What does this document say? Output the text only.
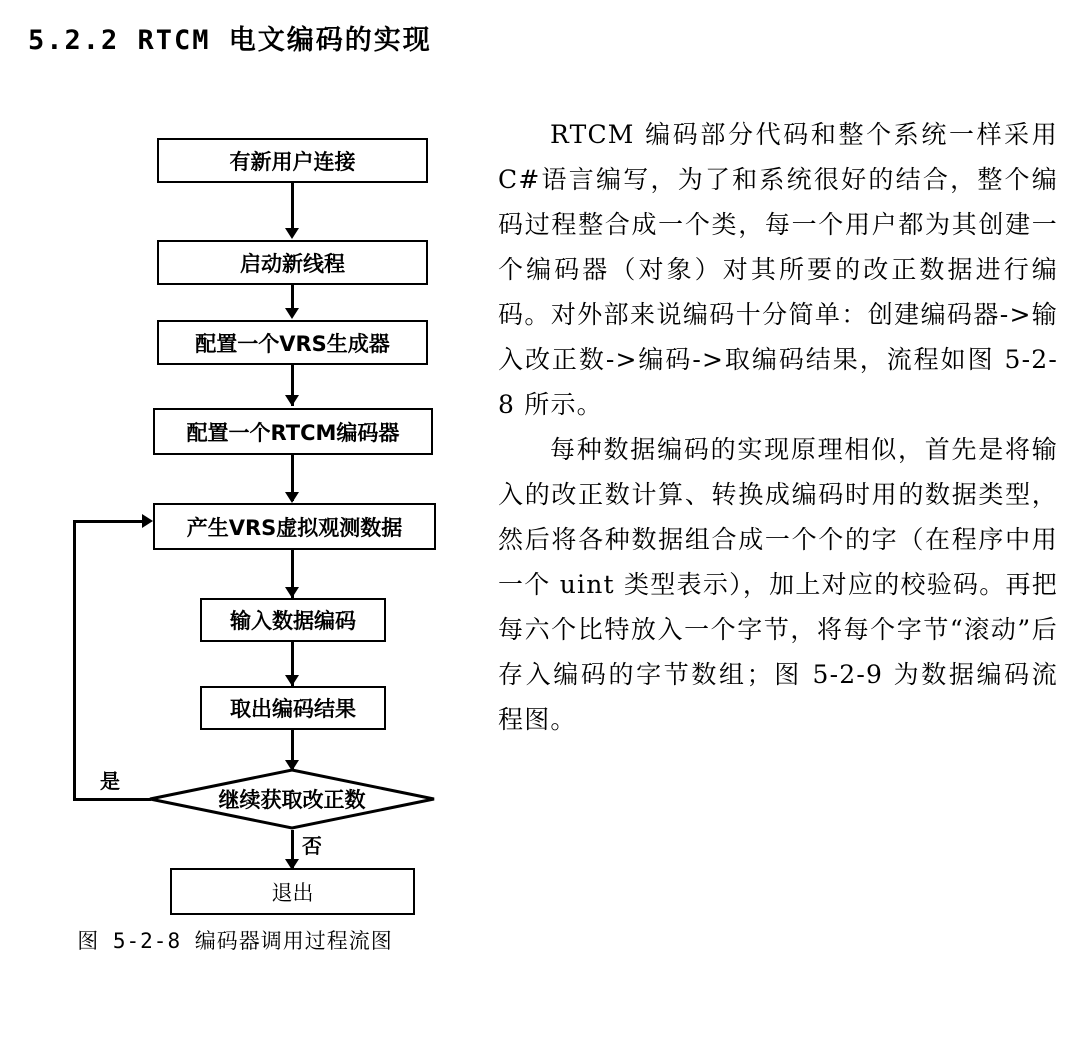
5.2.2 RTCM 电文编码的实现
有新用户连接
启动新线程
配置一个VRS生成器
配置一个RTCM编码器
产生VRS虚拟观测数据
输入数据编码
取出编码结果
继续获取改正数
是
否
退出
图 5-2-8 编码器调用过程流图

RTCM 编码部分代码和整个系统一样采用 C#语言编写，为了和系统很好的结合，整个编码过程整合成一个类，每一个用户都为其创建一个编码器（对象）对其所要的改正数据进行编码。对外部来说编码十分简单：创建编码器->输入改正数->编码->取编码结果，流程如图 5-2-8 所示。

每种数据编码的实现原理相似，首先是将输入的改正数计算、转换成编码时用的数据类型，然后将各种数据组合成一个个的字（在程序中用一个 uint 类型表示），加上对应的校验码。再把每六个比特放入一个字节，将每个字节“滚动”后存入编码的字节数组；图 5-2-9 为数据编码流程图。
